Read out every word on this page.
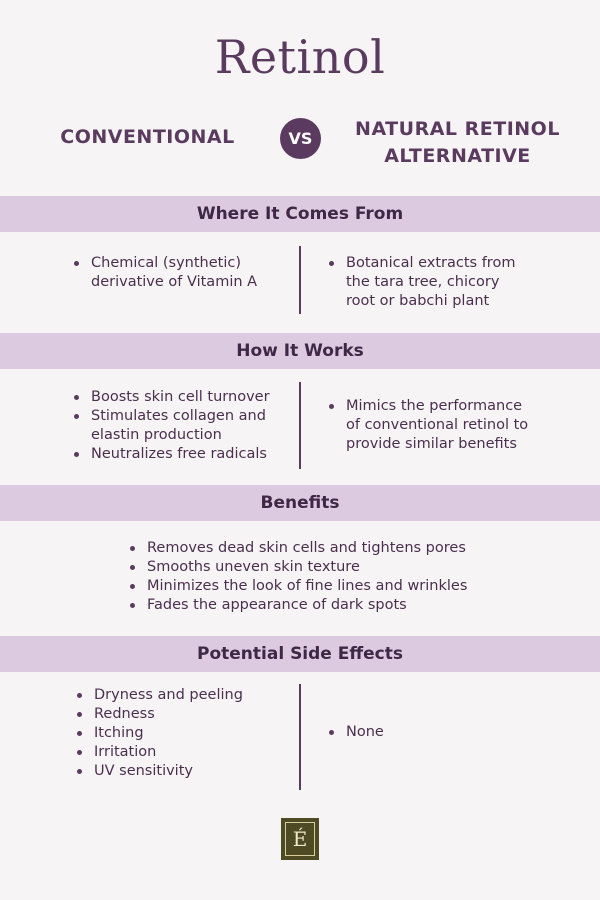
Retinol
CONVENTIONAL	VS	NATURAL RETINOL
ALTERNATIVE
Where It Comes From
Chemical (synthetic) derivative of Vitamin A
Botanical extracts from the tara tree, chicory root or babchi plant
How It Works
Boosts skin cell turnover
Stimulates collagen and elastin production
Neutralizes free radicals
Mimics the performance of conventional retinol to provide similar benefits
Benefits
Removes dead skin cells and tightens pores
Smooths uneven skin texture
Minimizes the look of fine lines and wrinkles
Fades the appearance of dark spots
Potential Side Effects
Dryness and peeling
Redness
Itching
Irritation
UV sensitivity
None
É
